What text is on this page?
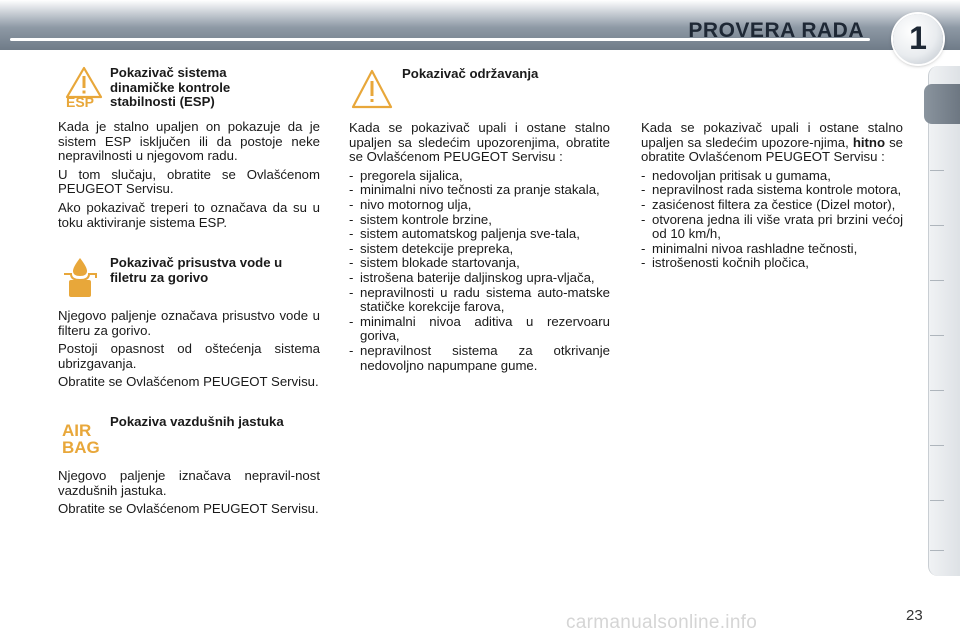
PROVERA RADA	1
ESP
Pokazivač sistema dinamičke kontrole stabilnosti (ESP)

Kada je stalno upaljen on pokazuje da je sistem ESP isključen ili da postoje neke nepravilnosti u njegovom radu.

U tom slučaju, obratite se Ovlašćenom PEUGEOT Servisu.

Ako pokazivač treperi to označava da su u toku aktiviranje sistema ESP.

Pokazivač prisustva vode u filetru za gorivo

Njegovo paljenje označava prisustvo vode u filteru za gorivo.

Postoji opasnost od oštećenja sistema ubrizgavanja.

Obratite se Ovlašćenom PEUGEOT Servisu.

AIR
BAG
Pokaziva vazdušnih jastuka

Njegovo paljenje iznačava nepravil-nost vazdušnih jastuka.

Obratite se Ovlašćenom PEUGEOT Servisu.

Pokazivač održavanja

Kada se pokazivač upali i ostane stalno upaljen sa sledećim upozorenjima, obratite se Ovlašćenom PEUGEOT Servisu :

- pregorela sijalica,
- minimalni nivo tečnosti za pranje stakala,
- nivo motornog ulja,
- sistem kontrole brzine,
- sistem automatskog paljenja sve-tala,
- sistem detekcije prepreka,
- sistem blokade startovanja,
- istrošena baterije daljinskog upra-vljača,
- nepravilnosti u radu sistema auto-matske statičke korekcije farova,
- minimalni nivoa aditiva u rezervoaru goriva,
- nepravilnost sistema za otkrivanje nedovoljno napumpane gume.

Kada se pokazivač upali i ostane stalno upaljen sa sledećim upozore-njima, hitno se obratite Ovlašćenom PEUGEOT Servisu :

- nedovoljan pritisak u gumama,
- nepravilnost rada sistema kontrole motora,
- zasićenost filtera za čestice (Dizel motor),
- otvorena jedna ili više vrata pri brzini većoj od 10 km/h,
- minimalni nivoa rashladne tečnosti,
- istrošenosti kočnih pločica,
carmanualsonline.info	23
